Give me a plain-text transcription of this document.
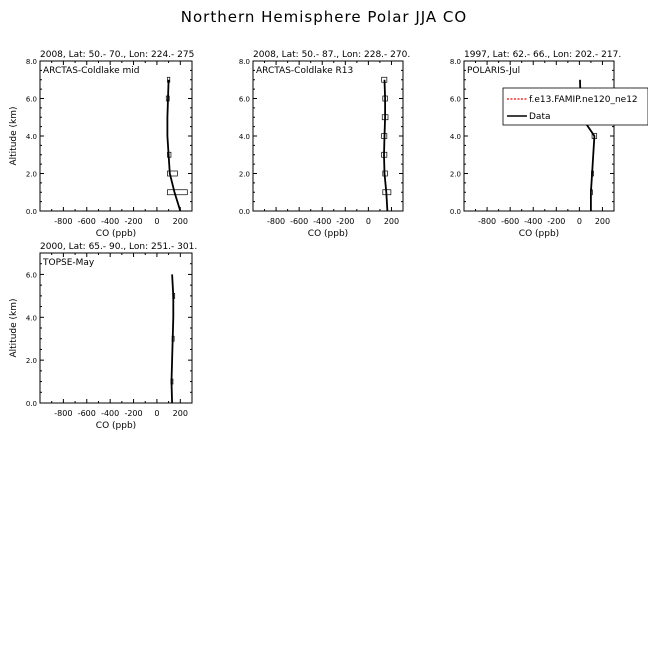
Northern Hemisphere Polar JJA CO
2008, Lat: 50.- 70., Lon: 224.- 275
ARCTAS-Coldlake mid
-800 -600 -400 -200 0 200
0.0
2.0
4.0
6.0
8.0
CO (ppb)
Altitude (km)
2008, Lat: 50.- 87., Lon: 228.- 270.
ARCTAS-Coldlake R13
-800 -600 -400 -200 0 200
0.0
2.0
4.0
6.0
8.0
CO (ppb)
1997, Lat: 62.- 66., Lon: 202.- 217.
POLARIS-Jul
-800 -600 -400 -200 0 200
0.0
2.0
4.0
6.0
8.0
CO (ppb)
f.e13.FAMIP.ne120_ne12
Data
2000, Lat: 65.- 90., Lon: 251.- 301.
TOPSE-May
-800 -600 -400 -200 0 200
0.0
2.0
4.0
6.0
CO (ppb)
Altitude (km)
